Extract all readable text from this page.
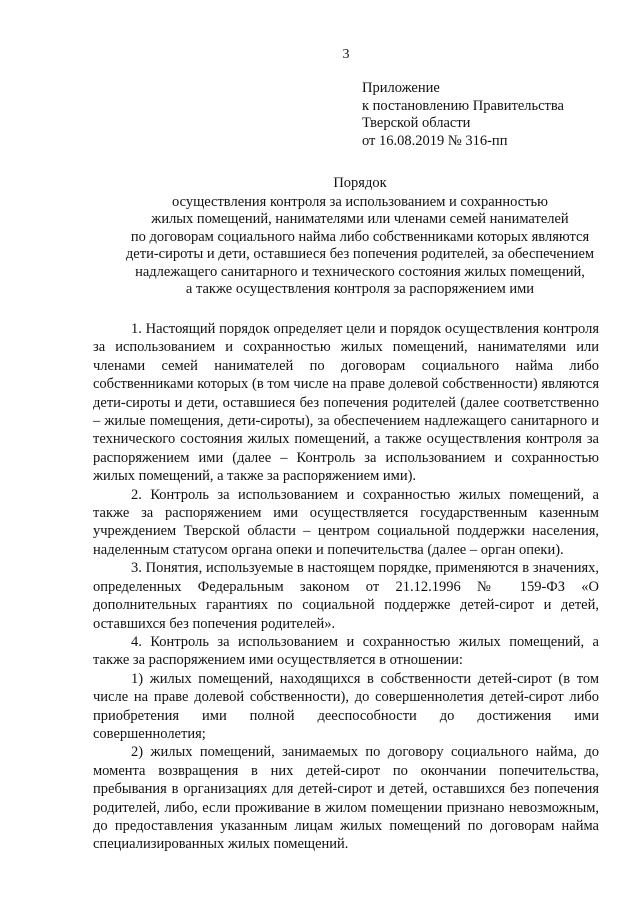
3
Приложение
к постановлению Правительства
Тверской области
от 16.08.2019 № 316-пп
Порядок
осуществления контроля за использованием и сохранностью
жилых помещений, нанимателями или членами семей нанимателей
по договорам социального найма либо собственниками которых являются
дети-сироты и дети, оставшиеся без попечения родителей, за обеспечением
надлежащего санитарного и технического состояния жилых помещений,
а также осуществления контроля за распоряжением ими

1. Настоящий порядок определяет цели и порядок осуществления контроля за использованием и сохранностью жилых помещений, нанимателями или членами семей нанимателей по договорам социального найма либо собственниками которых (в том числе на праве долевой собственности) являются дети-сироты и дети, оставшиеся без попечения родителей (далее соответственно – жилые помещения, дети-сироты), за обеспечением надлежащего санитарного и технического состояния жилых помещений, а также осуществления контроля за распоряжением ими (далее – Контроль за использованием и сохранностью жилых помещений, а также за распоряжением ими).

2. Контроль за использованием и сохранностью жилых помещений, а также за распоряжением ими осуществляется государственным казенным учреждением Тверской области – центром социальной поддержки населения, наделенным статусом органа опеки и попечительства (далее – орган опеки).

3. Понятия, используемые в настоящем порядке, применяются в значениях, определенных Федеральным законом от 21.12.1996 № 159-ФЗ «О дополнительных гарантиях по социальной поддержке детей-сирот и детей, оставшихся без попечения родителей».

4. Контроль за использованием и сохранностью жилых помещений, а также за распоряжением ими осуществляется в отношении:

1) жилых помещений, находящихся в собственности детей-сирот (в том числе на праве долевой собственности), до совершеннолетия детей-сирот либо приобретения ими полной дееспособности до достижения ими совершеннолетия;

2) жилых помещений, занимаемых по договору социального найма, до момента возвращения в них детей-сирот по окончании попечительства, пребывания в организациях для детей-сирот и детей, оставшихся без попечения родителей, либо, если проживание в жилом помещении признано невозможным, до предоставления указанным лицам жилых помещений по договорам найма специализированных жилых помещений.
